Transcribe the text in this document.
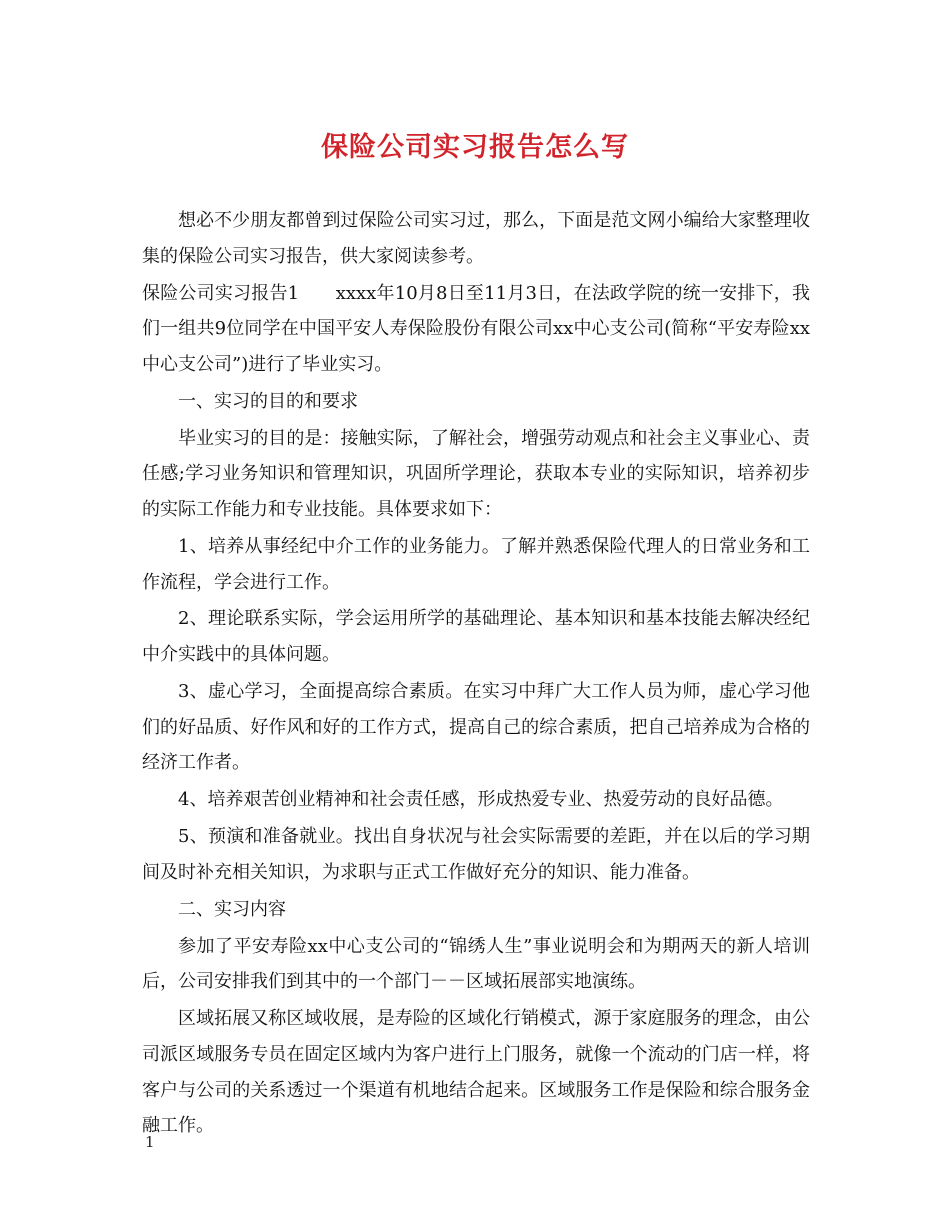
保险公司实习报告怎么写

想必不少朋友都曾到过保险公司实习过，那么，下面是范文网小编给大家整理收集的保险公司实习报告，供大家阅读参考。

保险公司实习报告1　　xxxx年10月8日至11月3日，在法政学院的统一安排下，我们一组共9位同学在中国平安人寿保险股份有限公司xx中心支公司(简称“平安寿险xx中心支公司”)进行了毕业实习。

一、实习的目的和要求

毕业实习的目的是：接触实际，了解社会，增强劳动观点和社会主义事业心、责任感;学习业务知识和管理知识，巩固所学理论，获取本专业的实际知识，培养初步的实际工作能力和专业技能。具体要求如下：

1、培养从事经纪中介工作的业务能力。了解并熟悉保险代理人的日常业务和工作流程，学会进行工作。

2、理论联系实际，学会运用所学的基础理论、基本知识和基本技能去解决经纪中介实践中的具体问题。

3、虚心学习，全面提高综合素质。在实习中拜广大工作人员为师，虚心学习他们的好品质、好作风和好的工作方式，提高自己的综合素质，把自己培养成为合格的经济工作者。

4、培养艰苦创业精神和社会责任感，形成热爱专业、热爱劳动的良好品德。

5、预演和准备就业。找出自身状况与社会实际需要的差距，并在以后的学习期间及时补充相关知识，为求职与正式工作做好充分的知识、能力准备。

二、实习内容

参加了平安寿险xx中心支公司的“锦绣人生”事业说明会和为期两天的新人培训后，公司安排我们到其中的一个部门－－区域拓展部实地演练。

区域拓展又称区域收展，是寿险的区域化行销模式，源于家庭服务的理念，由公司派区域服务专员在固定区域内为客户进行上门服务，就像一个流动的门店一样，将客户与公司的关系透过一个渠道有机地结合起来。区域服务工作是保险和综合服务金融工作。

1
